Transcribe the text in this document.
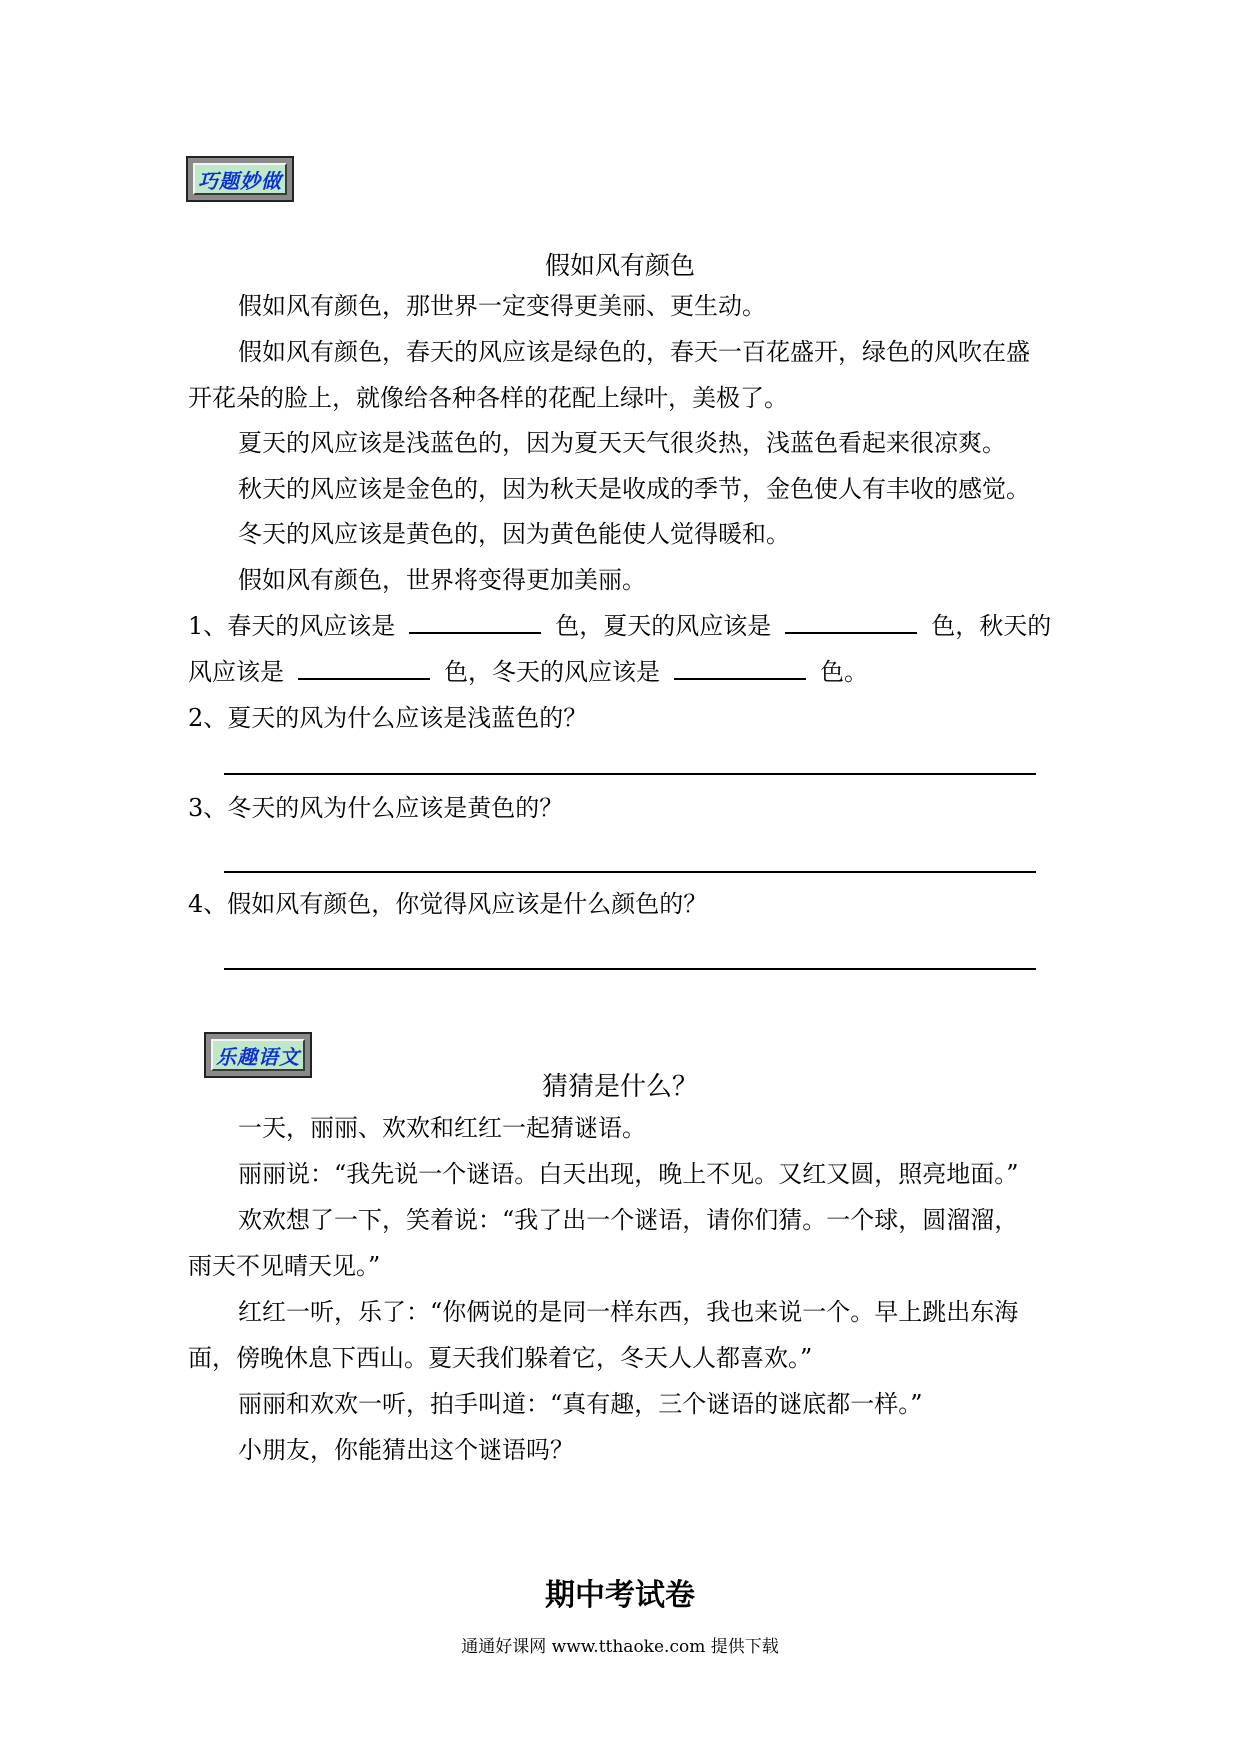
巧题妙做
假如风有颜色
假如风有颜色，那世界一定变得更美丽、更生动。
假如风有颜色，春天的风应该是绿色的，春天一百花盛开，绿色的风吹在盛
开花朵的脸上，就像给各种各样的花配上绿叶，美极了。
夏天的风应该是浅蓝色的，因为夏天天气很炎热，浅蓝色看起来很凉爽。
秋天的风应该是金色的，因为秋天是收成的季节，金色使人有丰收的感觉。
冬天的风应该是黄色的，因为黄色能使人觉得暖和。
假如风有颜色，世界将变得更加美丽。
1、春天的风应该是	色，夏天的风应该是	色，秋天的
风应该是	色，冬天的风应该是	色。
2、夏天的风为什么应该是浅蓝色的？
3、冬天的风为什么应该是黄色的？
4、假如风有颜色，你觉得风应该是什么颜色的？
乐趣语文
猜猜是什么？
一天，丽丽、欢欢和红红一起猜谜语。
丽丽说：“我先说一个谜语。白天出现，晚上不见。又红又圆，照亮地面。”
欢欢想了一下，笑着说：“我了出一个谜语，请你们猜。一个球，圆溜溜，
雨天不见晴天见。”
红红一听，乐了：“你俩说的是同一样东西，我也来说一个。早上跳出东海
面，傍晚休息下西山。夏天我们躲着它，冬天人人都喜欢。”
丽丽和欢欢一听，拍手叫道：“真有趣，三个谜语的谜底都一样。”
小朋友，你能猜出这个谜语吗？
期中考试卷
通通好课网 www.tthaoke.com 提供下载
